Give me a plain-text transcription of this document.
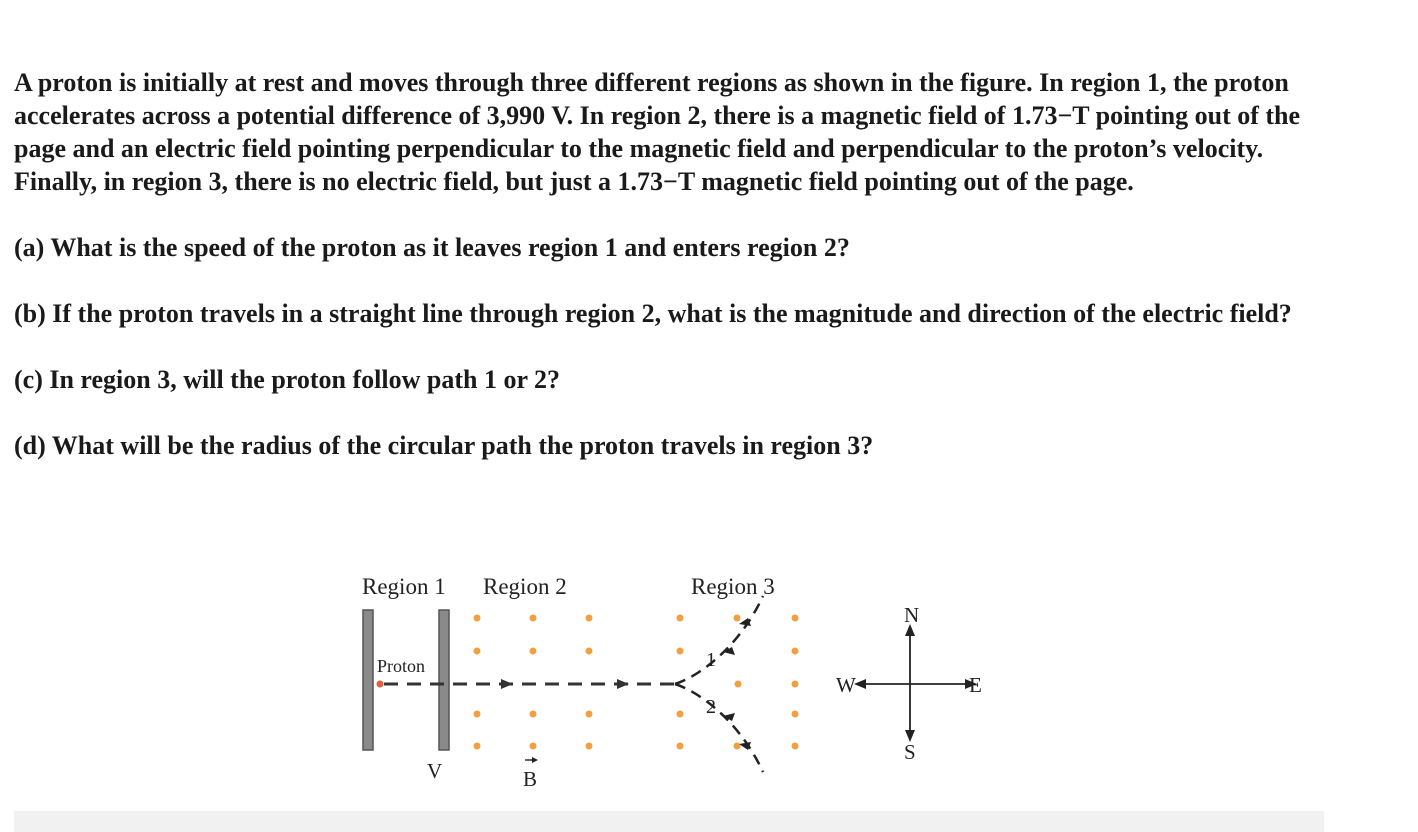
A proton is initially at rest and moves through three different regions as shown in the figure. In region 1, the proton accelerates across a potential difference of 3,990 V. In region 2, there is a magnetic field of 1.73−T pointing out of the page and an electric field pointing perpendicular to the magnetic field and perpendicular to the proton’s velocity. Finally, in region 3, there is no electric field, but just a 1.73−T magnetic field pointing out of the page.

(a) What is the speed of the proton as it leaves region 1 and enters region 2?

(b) If the proton travels in a straight line through region 2, what is the magnitude and direction of the electric field?

(c) In region 3, will the proton follow path 1 or 2?

(d) What will be the radius of the circular path the proton travels in region 3?

Region 1 Region 2	Region 3
Proton	1
2
N
S
W	E
V	B
